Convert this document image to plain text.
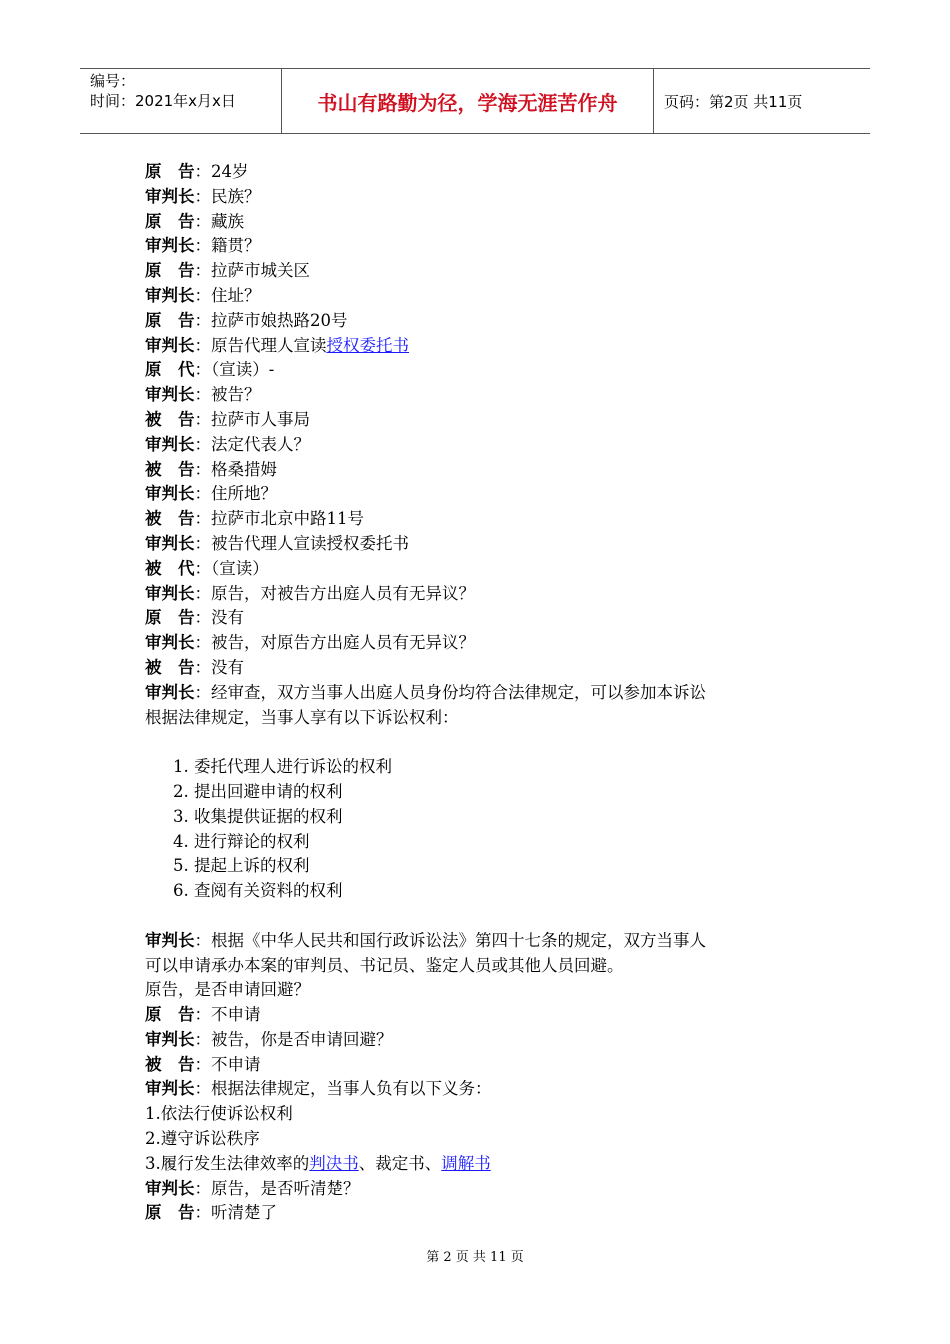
编号：
时间：2021年x月x日	书山有路勤为径，学海无涯苦作舟	页码：第2页 共11页
原　告：24岁
审判长：民族？
原　告：藏族
审判长：籍贯？
原　告：拉萨市城关区
审判长：住址？
原　告：拉萨市娘热路20号
审判长：原告代理人宣读授权委托书
原　代：（宣读）-
审判长：被告？
被　告：拉萨市人事局
审判长：法定代表人？
被　告：格桑措姆
审判长：住所地？
被　告：拉萨市北京中路11号
审判长：被告代理人宣读授权委托书
被　代：（宣读）
审判长：原告，对被告方出庭人员有无异议？
原　告：没有
审判长：被告，对原告方出庭人员有无异议？
被　告：没有
审判长：经审查，双方当事人出庭人员身份均符合法律规定，可以参加本诉讼
根据法律规定，当事人享有以下诉讼权利：
1. 委托代理人进行诉讼的权利
2. 提出回避申请的权利
3. 收集提供证据的权利
4. 进行辩论的权利
5. 提起上诉的权利
6. 查阅有关资料的权利
审判长：根据《中华人民共和国行政诉讼法》第四十七条的规定，双方当事人
可以申请承办本案的审判员、书记员、鉴定人员或其他人员回避。
原告，是否申请回避？
原　告：不申请
审判长：被告，你是否申请回避？
被　告：不申请
审判长：根据法律规定，当事人负有以下义务：
1.依法行使诉讼权利
2.遵守诉讼秩序
3.履行发生法律效率的判决书、裁定书、调解书
审判长：原告，是否听清楚？
原　告：听清楚了
第 2 页 共 11 页
